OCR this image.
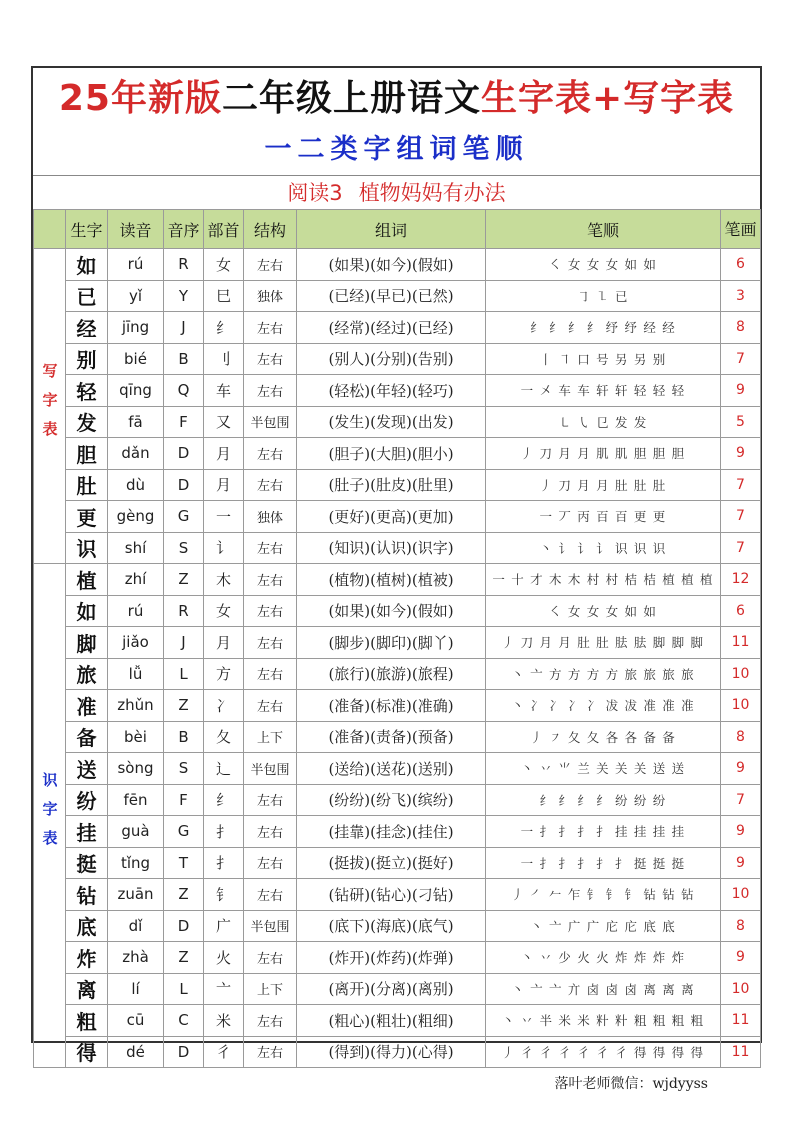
25年新版二年级上册语文生字表+写字表
一二类字组词笔顺
阅读3 植物妈妈有办法
	生字	读音	音序	部首	结构	组词	笔顺	笔画
写字表	如	rú	R	女	左右	(如果)(如今)(假如)	㇛ 女 女 女 如 如	6
	已	yǐ	Y	巳	独体	(已经)(早已)(已然)	㇆ ㇅ 已	3
	经	jīng	J	纟	左右	(经常)(经过)(已经)	纟 纟 纟 纟 纾 纾 经 经	8
	别	bié	B	刂	左右	(别人)(分别)(告别)	丨 ㇕ 口 号 另 另 别	7
	轻	qīng	Q	车	左右	(轻松)(年轻)(轻巧)	一 㐅 车 车 轩 轩 轻 轻 轻	9
	发	fā	F	又	半包围	(发生)(发现)(出发)	㇄ ㇂ 㔾 发 发	5
	胆	dǎn	D	月	左右	(胆子)(大胆)(胆小)	丿 刀 月 月 肌 肌 胆 胆 胆	9
	肚	dù	D	月	左右	(肚子)(肚皮)(肚里)	丿 刀 月 月 肚 肚 肚	7
	更	gèng	G	一	独体	(更好)(更高)(更加)	一 丆 丙 百 百 更 更	7
	识	shí	S	讠	左右	(知识)(认识)(识字)	丶 讠 讠 讠 识 识 识	7
识字表	植	zhí	Z	木	左右	(植物)(植树)(植被)	一 十 才 木 木 村 村 桔 桔 植 植 植	12
	如	rú	R	女	左右	(如果)(如今)(假如)	㇛ 女 女 女 如 如	6
	脚	jiǎo	J	月	左右	(脚步)(脚印)(脚丫)	丿 刀 月 月 肚 肚 胠 胠 脚 脚 脚	11
	旅	lǚ	L	方	左右	(旅行)(旅游)(旅程)	丶 亠 方 方 方 方 旅 旅 旅 旅	10
	准	zhǔn	Z	冫	左右	(准备)(标准)(准确)	丶 冫 冫 冫 冫 冹 冹 准 准 准	10
	备	bèi	B	夂	上下	(准备)(责备)(预备)	丿 ㇇ 夂 夂 各 各 备 备	8
	送	sòng	S	辶	半包围	(送给)(送花)(送别)	丶 丷 ⺌ 兰 关 关 关 送 送	9
	纷	fēn	F	纟	左右	(纷纷)(纷飞)(缤纷)	纟 纟 纟 纟 纷 纷 纷	7
	挂	guà	G	扌	左右	(挂靠)(挂念)(挂住)	一 扌 扌 扌 扌 挂 挂 挂 挂	9
	挺	tǐng	T	扌	左右	(挺拔)(挺立)(挺好)	一 扌 扌 扌 扌 扌 挺 挺 挺	9
	钻	zuān	Z	钅	左右	(钻研)(钻心)(刁钻)	丿 ㇒ 𠂉 乍 钅 钅 钅 钻 钻 钻	10
	底	dǐ	D	广	半包围	(底下)(海底)(底气)	丶 亠 广 广 庀 庀 底 底	8
	炸	zhà	Z	火	左右	(炸开)(炸药)(炸弹)	丶 丷 少 火 火 炸 炸 炸 炸	9
	离	lí	L	亠	上下	(离开)(分离)(离别)	丶 亠 亠 亣 卤 卤 卤 离 离 离	10
	粗	cū	C	米	左右	(粗心)(粗壮)(粗细)	丶 丷 半 米 米 籵 籵 粗 粗 粗 粗	11
	得	dé	D	彳	左右	(得到)(得力)(心得)	丿 彳 彳 彳 彳 彳 彳 得 得 得 得	11
落叶老师微信：wjdyyss
